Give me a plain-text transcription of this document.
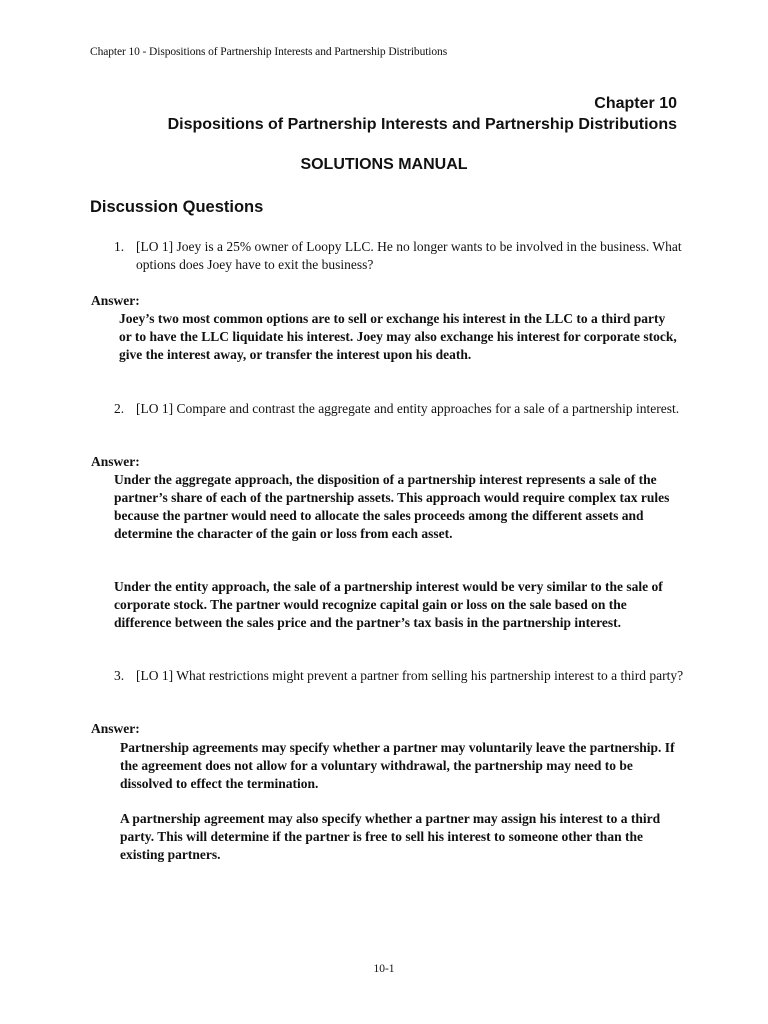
Chapter 10 - Dispositions of Partnership Interests and Partnership Distributions
Chapter 10
Dispositions of Partnership Interests and Partnership Distributions
SOLUTIONS MANUAL
Discussion Questions
1. [LO 1] Joey is a 25% owner of Loopy LLC. He no longer wants to be involved in the business. What options does Joey have to exit the business?
Answer:
Joey’s two most common options are to sell or exchange his interest in the LLC to a third party or to have the LLC liquidate his interest. Joey may also exchange his interest for corporate stock, give the interest away, or transfer the interest upon his death.
2. [LO 1] Compare and contrast the aggregate and entity approaches for a sale of a partnership interest.
Answer:
Under the aggregate approach, the disposition of a partnership interest represents a sale of the partner’s share of each of the partnership assets. This approach would require complex tax rules because the partner would need to allocate the sales proceeds among the different assets and determine the character of the gain or loss from each asset.
Under the entity approach, the sale of a partnership interest would be very similar to the sale of corporate stock. The partner would recognize capital gain or loss on the sale based on the difference between the sales price and the partner’s tax basis in the partnership interest.
3. [LO 1] What restrictions might prevent a partner from selling his partnership interest to a third party?
Answer:
Partnership agreements may specify whether a partner may voluntarily leave the partnership. If the agreement does not allow for a voluntary withdrawal, the partnership may need to be dissolved to effect the termination.
A partnership agreement may also specify whether a partner may assign his interest to a third party. This will determine if the partner is free to sell his interest to someone other than the existing partners.
10-1
